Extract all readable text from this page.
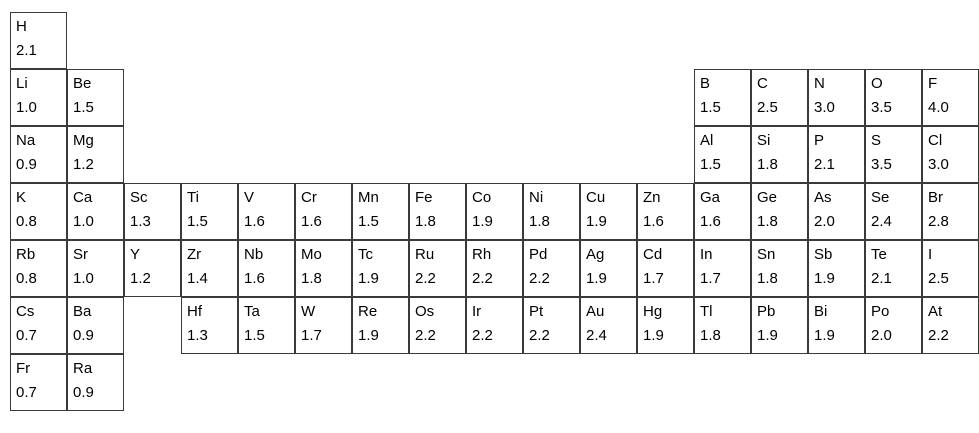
H
2.1
Li
1.0
Be
1.5
B
1.5
C
2.5
N
3.0
O
3.5
F
4.0
Na
0.9
Mg
1.2
Al
1.5
Si
1.8
P
2.1
S
3.5
Cl
3.0
K
0.8
Ca
1.0
Sc
1.3
Ti
1.5
V
1.6
Cr
1.6
Mn
1.5
Fe
1.8
Co
1.9
Ni
1.8
Cu
1.9
Zn
1.6
Ga
1.6
Ge
1.8
As
2.0
Se
2.4
Br
2.8
Rb
0.8
Sr
1.0
Y
1.2
Zr
1.4
Nb
1.6
Mo
1.8
Tc
1.9
Ru
2.2
Rh
2.2
Pd
2.2
Ag
1.9
Cd
1.7
In
1.7
Sn
1.8
Sb
1.9
Te
2.1
I
2.5
Cs
0.7
Ba
0.9
Hf
1.3
Ta
1.5
W
1.7
Re
1.9
Os
2.2
Ir
2.2
Pt
2.2
Au
2.4
Hg
1.9
Tl
1.8
Pb
1.9
Bi
1.9
Po
2.0
At
2.2
Fr
0.7
Ra
0.9
